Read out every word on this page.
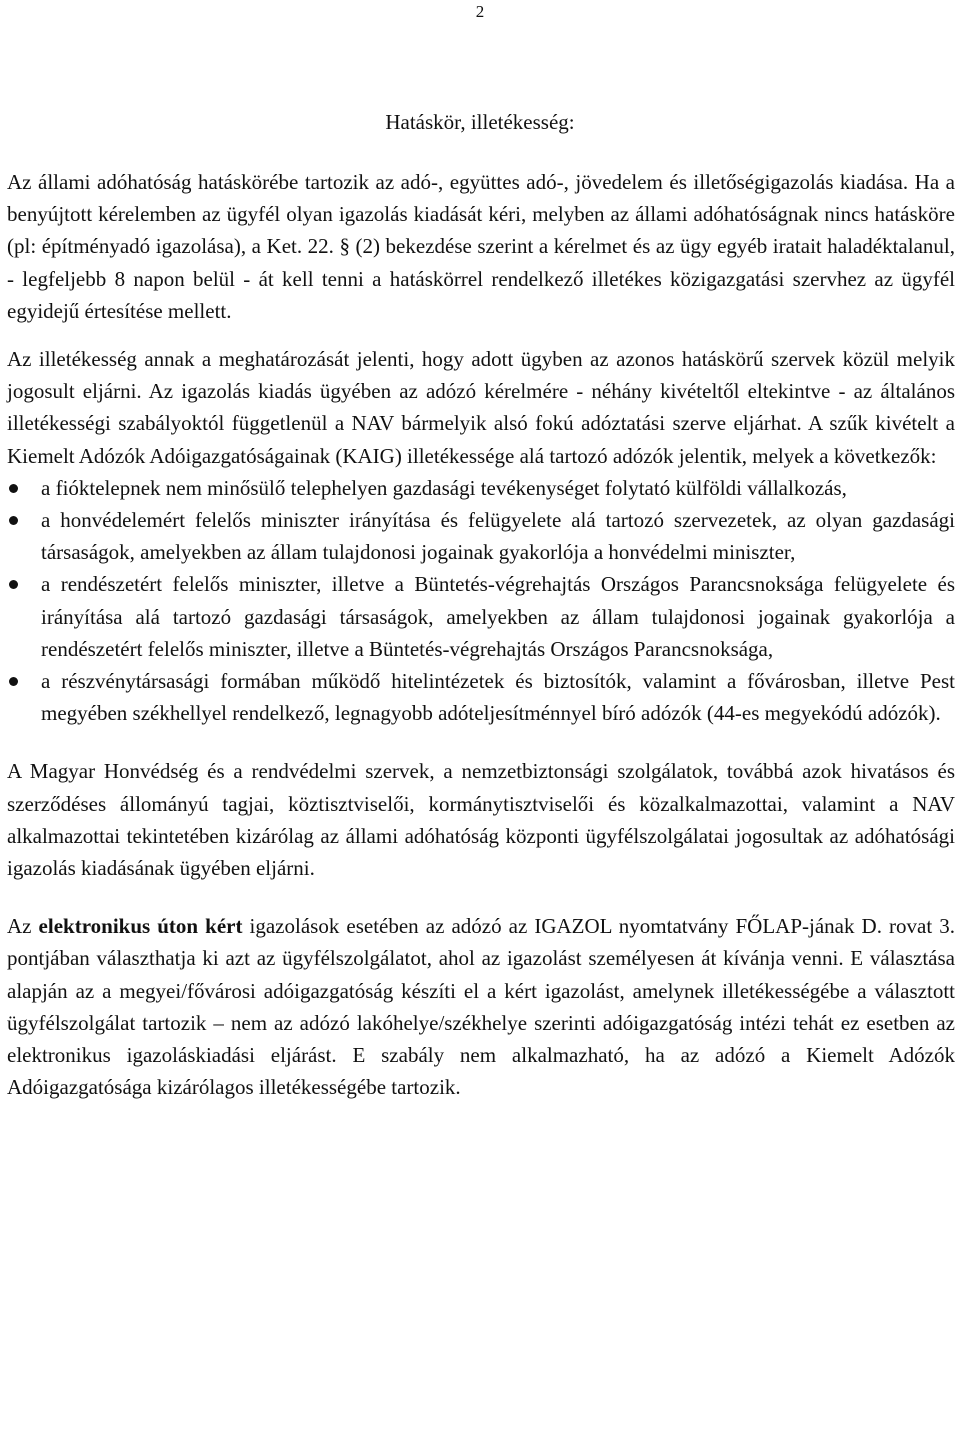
2
Hatáskör, illetékesség:

Az állami adóhatóság hatáskörébe tartozik az adó-, együttes adó-, jövedelem és illetőségigazolás kiadása. Ha a benyújtott kérelemben az ügyfél olyan igazolás kiadását kéri, melyben az állami adóhatóságnak nincs hatásköre (pl: építményadó igazolása), a Ket. 22. § (2) bekezdése szerint a kérelmet és az ügy egyéb iratait haladéktalanul, - legfeljebb 8 napon belül - át kell tenni a hatáskörrel rendelkező illetékes közigazgatási szervhez az ügyfél egyidejű értesítése mellett.

Az illetékesség annak a meghatározását jelenti, hogy adott ügyben az azonos hatáskörű szervek közül melyik jogosult eljárni. Az igazolás kiadás ügyében az adózó kérelmére - néhány kivételtől eltekintve - az általános illetékességi szabályoktól függetlenül a NAV bármelyik alsó fokú adóztatási szerve eljárhat. A szűk kivételt a Kiemelt Adózók Adóigazgatóságainak (KAIG) illetékessége alá tartozó adózók jelentik, melyek a következők:

a fióktelepnek nem minősülő telephelyen gazdasági tevékenységet folytató külföldi vállalkozás,
a honvédelemért felelős miniszter irányítása és felügyelete alá tartozó szervezetek, az olyan gazdasági társaságok, amelyekben az állam tulajdonosi jogainak gyakorlója a honvédelmi miniszter,
a rendészetért felelős miniszter, illetve a Büntetés-végrehajtás Országos Parancsnoksága felügyelete és irányítása alá tartozó gazdasági társaságok, amelyekben az állam tulajdonosi jogainak gyakorlója a rendészetért felelős miniszter, illetve a Büntetés-végrehajtás Országos Parancsnoksága,
a részvénytársasági formában működő hitelintézetek és biztosítók, valamint a fővárosban, illetve Pest megyében székhellyel rendelkező, legnagyobb adóteljesítménnyel bíró adózók (44-es megyekódú adózók).

A Magyar Honvédség és a rendvédelmi szervek, a nemzetbiztonsági szolgálatok, továbbá azok hivatásos és szerződéses állományú tagjai, köztisztviselői, kormánytisztviselői és közalkalmazottai, valamint a NAV alkalmazottai tekintetében kizárólag az állami adóhatóság központi ügyfélszolgálatai jogosultak az adóhatósági igazolás kiadásának ügyében eljárni.

Az elektronikus úton kért igazolások esetében az adózó az IGAZOL nyomtatvány FŐLAP-jának D. rovat 3. pontjában választhatja ki azt az ügyfélszolgálatot, ahol az igazolást személyesen át kívánja venni. E választása alapján az a megyei/fővárosi adóigazgatóság készíti el a kért igazolást, amelynek illetékességébe a választott ügyfélszolgálat tartozik – nem az adózó lakóhelye/székhelye szerinti adóigazgatóság intézi tehát ez esetben az elektronikus igazoláskiadási eljárást. E szabály nem alkalmazható, ha az adózó a Kiemelt Adózók Adóigazgatósága kizárólagos illetékességébe tartozik.
